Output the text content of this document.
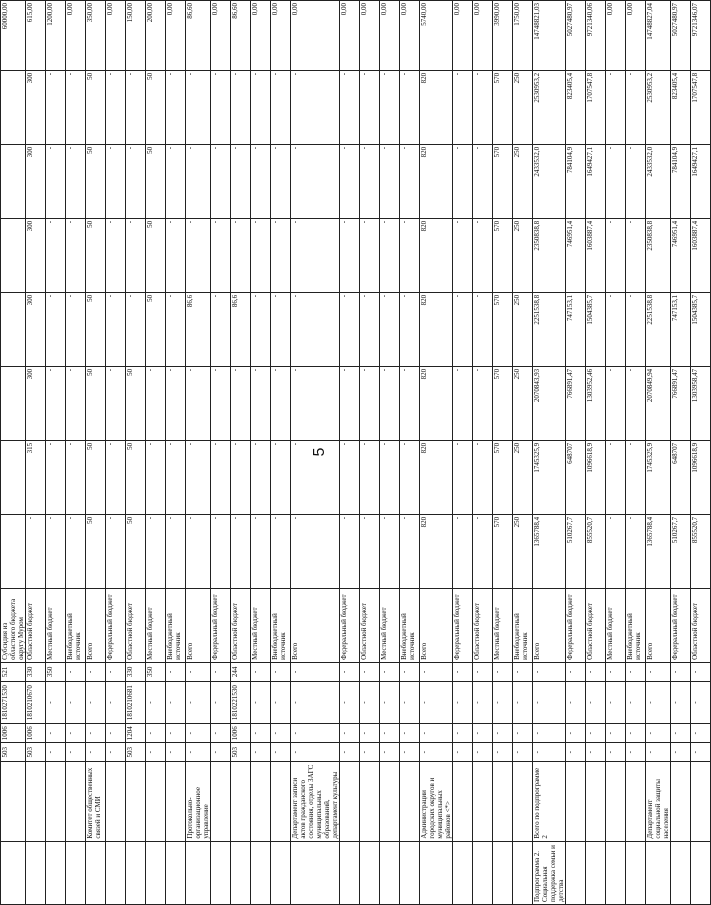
5
		503	1006	1810271530	521	Субсидия из областного бюджета округу Муром								60000,00
		503	1006	1810210670	330	Областной бюджет	-	315	300	300	300	300	300	615,00
		-	-	-	350	Местный бюджет	-	-	-	-	-	-	-	1200,00
		-	-	-	-	Внебюджетный источник	-	-	-	-	-	-	-	0,00
	Комитет общественных связей и СМИ	-	-	-	-	Всего	50	50	50	50	50	50	50	350,00
		-	-	-	-	Федеральный бюджет	-	-	-	-	-	-	-	0,00
		503	1204	1810210681	330	Областной бюджет	50	50	50	-	-	-	-	150,00
		-	-	-	350	Местный бюджет	-	-	-	50	50	50	50	200,00
		-	-	-	-	Внебюджетный источник	-	-	-	-	-	-	-	0,00
	Протокольно-организационное управление	-	-	-	-	Всего	-	-	-	86,6	-	-	-	86,60
		-	-	-	-	Федеральный бюджет	-	-	-	-	-	-	-	0,00
		503	1006	1810221530	244	Областной бюджет	-	-	-	86,6	-	-	-	86,60
		-	-	-	-	Местный бюджет	-	-	-	-	-	-	-	0,00
		-	-	-	-	Внебюджетный источник	-	-	-	-	-	-	-	0,00
	Департамент записи актов гражданского состояния, отделы ЗАГС муниципальных образований, департамент культуры	-	-	-	-	Всего	-	-	-	-	-	-	-	0,00
		-	-	-	-	Федеральный бюджет	-	-	-	-	-	-	-	0,00
		-	-	-	-	Областной бюджет	-	-	-	-	-	-	-	0,00
		-	-	-	-	Местный бюджет	-	-	-	-	-	-	-	0,00
		-	-	-	-	Внебюджетный источник	-	-	-	-	-	-	-	0,00
	Администрации городских округов и муниципальных районов <*>	-	-	-	-	Всего	820	820	820	820	820	820	820	5740,00
		-	-	-	-	Федеральный бюджет	-	-	-	-	-	-	-	0,00
		-	-	-	-	Областной бюджет	-	-	-	-	-	-	-	0,00
		-	-	-	-	Местный бюджет	570	570	570	570	570	570	570	3990,00
		-	-	-	-	Внебюджетный источник	250	250	250	250	250	250	250	1750,00
Подпрограмма 2. Социальная поддержка семьи и детства	Всего по подпрограмме 2	-	-	-	-	Всего	1365788,4	1745325,9	2070843,93	2251538,8	2350838,8	2433532,0	2530953,2	14748821,03
		-	-	-	-	Федеральный бюджет	510267,7	648707	766891,47	747153,1	746951,4	784104,9	823405,4	5027480,97
		-	-	-	-	Областной бюджет	855520,7	1096618,9	1303952,46	1504385,7	1603887,4	1649427,1	1707547,8	9721340,06
		-	-	-	-	Местный бюджет	-	-	-	-	-	-	-	0,00
		-	-	-	-	Внебюджетный источник	-	-	-	-	-	-	-	0,00
	Департамент социальной защиты населения	-	-	-	-	Всего	1365788,4	1745325,9	2070849,94	2251538,8	2350838,8	2433532,0	2530953,2	14748827,04
		-	-	-	-	Федеральный бюджет	510267,7	648707	766891,47	747153,1	746951,4	784104,9	823405,4	5027480,97
		-	-	-	-	Областной бюджет	855520,7	1096618,9	1303958,47	1504385,7	1603887,4	1649427,1	1707547,8	9721346,07
